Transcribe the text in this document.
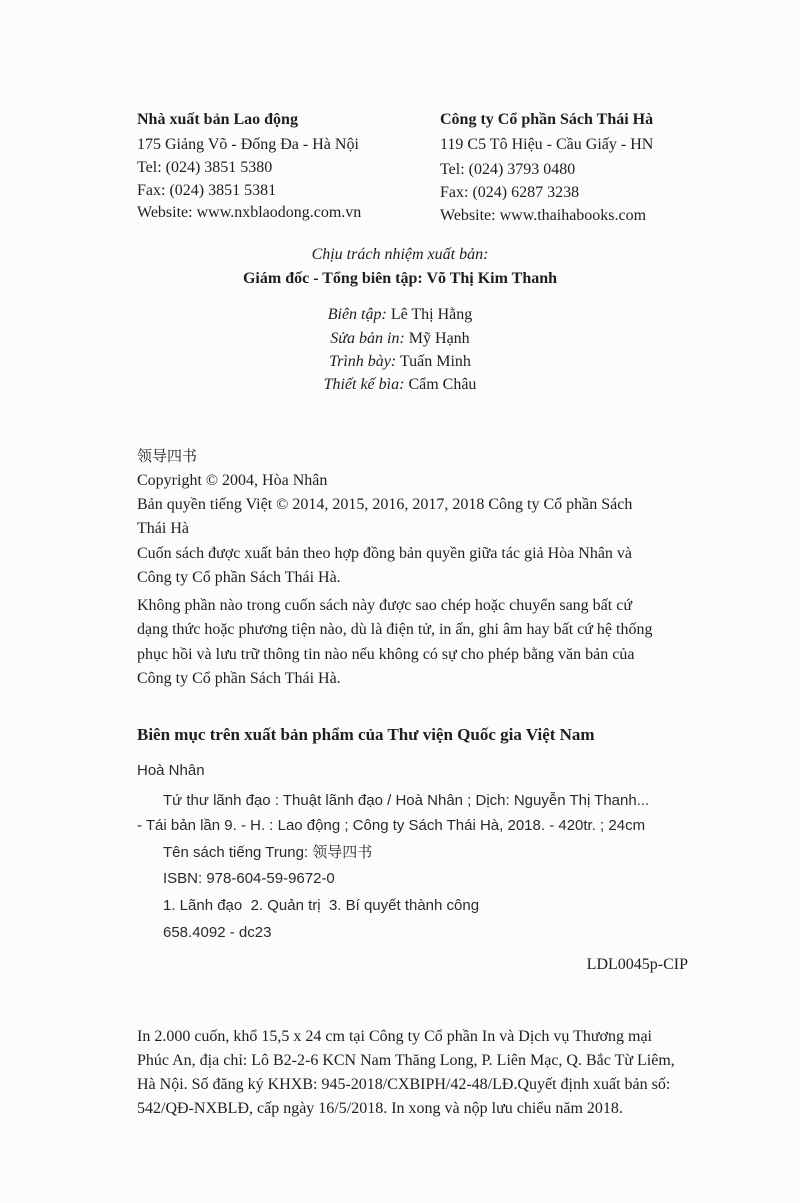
Nhà xuất bản Lao động
175 Giảng Võ - Đống Đa - Hà Nội
Tel: (024) 3851 5380
Fax: (024) 3851 5381
Website: www.nxblaodong.com.vn
Công ty Cổ phần Sách Thái Hà
119 C5 Tô Hiệu - Cầu Giấy - HN
Tel: (024) 3793 0480
Fax: (024) 6287 3238
Website: www.thaihabooks.com
Chịu trách nhiệm xuất bản:
Giám đốc - Tổng biên tập: Võ Thị Kim Thanh
Biên tập: Lê Thị Hằng
Sửa bản in: Mỹ Hạnh
Trình bày: Tuấn Minh
Thiết kế bìa: Cẩm Châu
领导四书
Copyright © 2004, Hòa Nhân
Bản quyền tiếng Việt © 2014, 2015, 2016, 2017, 2018 Công ty Cổ phần Sách
Thái Hà
Cuốn sách được xuất bản theo hợp đồng bản quyền giữa tác giả Hòa Nhân và
Công ty Cổ phần Sách Thái Hà.
Không phần nào trong cuốn sách này được sao chép hoặc chuyển sang bất cứ
dạng thức hoặc phương tiện nào, dù là điện tử, in ấn, ghi âm hay bất cứ hệ thống
phục hồi và lưu trữ thông tin nào nếu không có sự cho phép bằng văn bản của
Công ty Cổ phần Sách Thái Hà.
Biên mục trên xuất bản phẩm của Thư viện Quốc gia Việt Nam
Hoà Nhân
Tứ thư lãnh đạo : Thuật lãnh đạo / Hoà Nhân ; Dịch: Nguyễn Thị Thanh...
- Tái bản lần 9. - H. : Lao động ; Công ty Sách Thái Hà, 2018. - 420tr. ; 24cm
Tên sách tiếng Trung: 领导四书
ISBN: 978-604-59-9672-0
1. Lãnh đạo  2. Quản trị  3. Bí quyết thành công
658.4092 - dc23
LDL0045p-CIP
In 2.000 cuốn, khổ 15,5 x 24 cm tại Công ty Cổ phần In và Dịch vụ Thương mại
Phúc An, địa chỉ: Lô B2-2-6 KCN Nam Thăng Long, P. Liên Mạc, Q. Bắc Từ Liêm,
Hà Nội. Số đăng ký KHXB: 945-2018/CXBIPH/42-48/LĐ.Quyết định xuất bản số:
542/QĐ-NXBLĐ, cấp ngày 16/5/2018. In xong và nộp lưu chiểu năm 2018.
